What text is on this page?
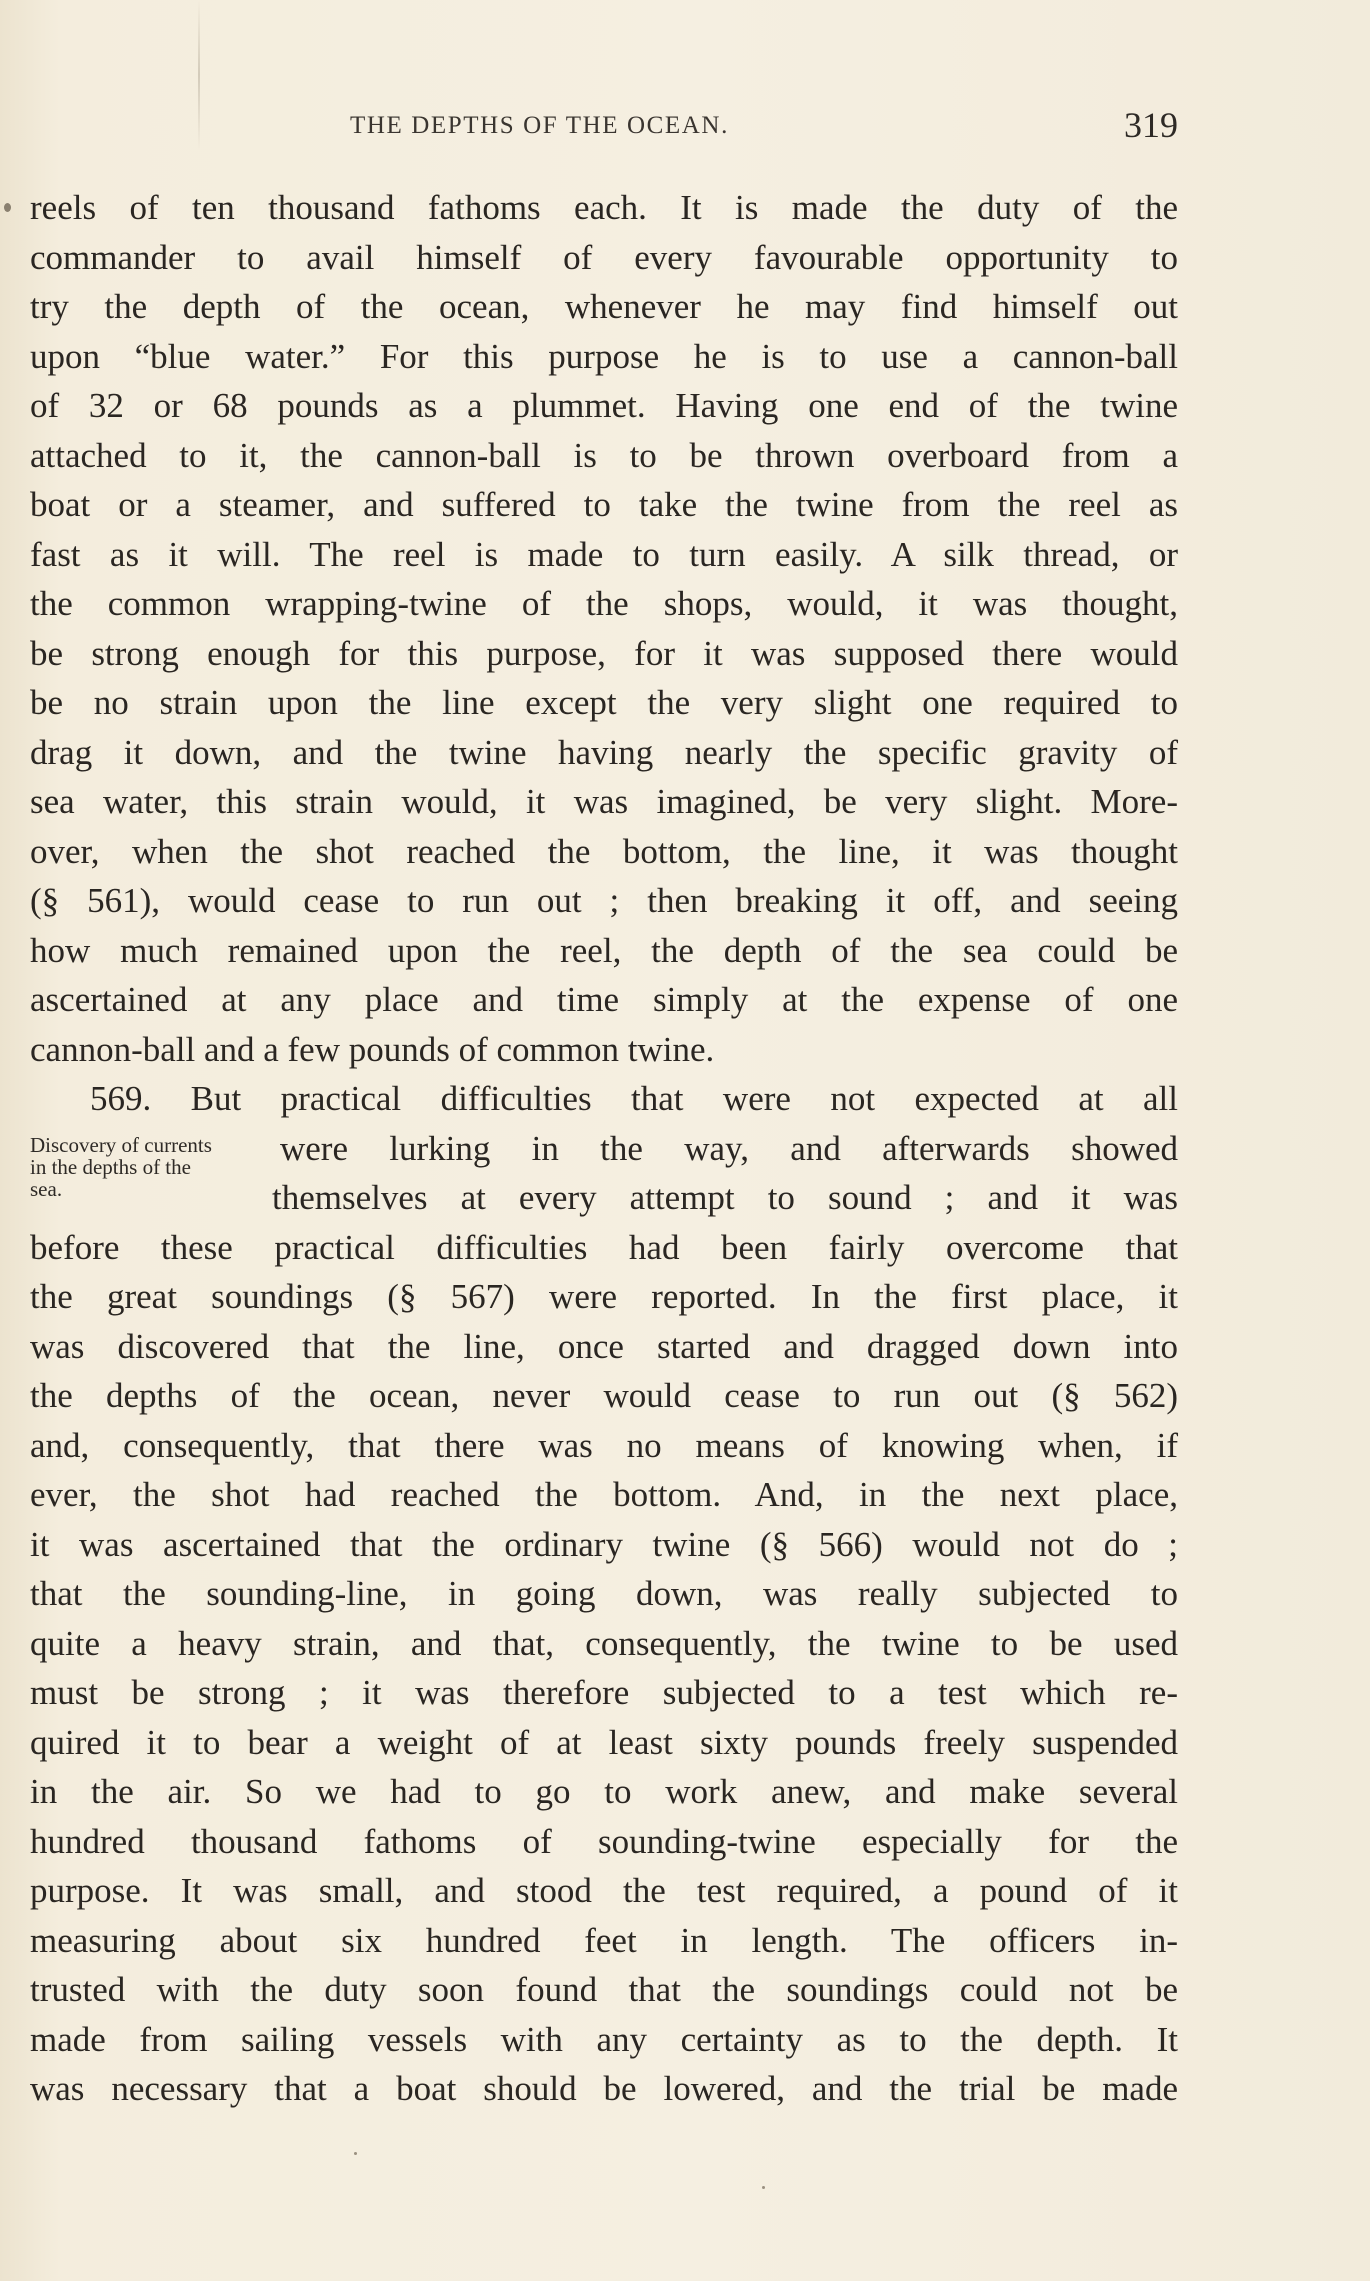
THE DEPTHS OF THE OCEAN.	319
reels of ten thousand fathoms each. It is made the duty of the
commander to avail himself of every favourable opportunity to
try the depth of the ocean, whenever he may find himself out
upon “blue water.” For this purpose he is to use a cannon-ball
of 32 or 68 pounds as a plummet. Having one end of the twine
attached to it, the cannon-ball is to be thrown overboard from a
boat or a steamer, and suffered to take the twine from the reel as
fast as it will. The reel is made to turn easily. A silk thread, or
the common wrapping-twine of the shops, would, it was thought,
be strong enough for this purpose, for it was supposed there would
be no strain upon the line except the very slight one required to
drag it down, and the twine having nearly the specific gravity of
sea water, this strain would, it was imagined, be very slight. More-
over, when the shot reached the bottom, the line, it was thought
(§ 561), would cease to run out ; then breaking it off, and seeing
how much remained upon the reel, the depth of the sea could be
ascertained at any place and time simply at the expense of one
cannon-ball and a few pounds of common twine.
569. But practical difficulties that were not expected at all
were lurking in the way, and afterwards showed
themselves at every attempt to sound ; and it was
before these practical difficulties had been fairly overcome that
the great soundings (§ 567) were reported. In the first place, it
was discovered that the line, once started and dragged down into
the depths of the ocean, never would cease to run out (§ 562)
and, consequently, that there was no means of knowing when, if
ever, the shot had reached the bottom. And, in the next place,
it was ascertained that the ordinary twine (§ 566) would not do ;
that the sounding-line, in going down, was really subjected to
quite a heavy strain, and that, consequently, the twine to be used
must be strong ; it was therefore subjected to a test which re-
quired it to bear a weight of at least sixty pounds freely suspended
in the air. So we had to go to work anew, and make several
hundred thousand fathoms of sounding-twine especially for the
purpose. It was small, and stood the test required, a pound of it
measuring about six hundred feet in length. The officers in-
trusted with the duty soon found that the soundings could not be
made from sailing vessels with any certainty as to the depth. It
was necessary that a boat should be lowered, and the trial be made
Discovery of currents
in the depths of the
sea.
